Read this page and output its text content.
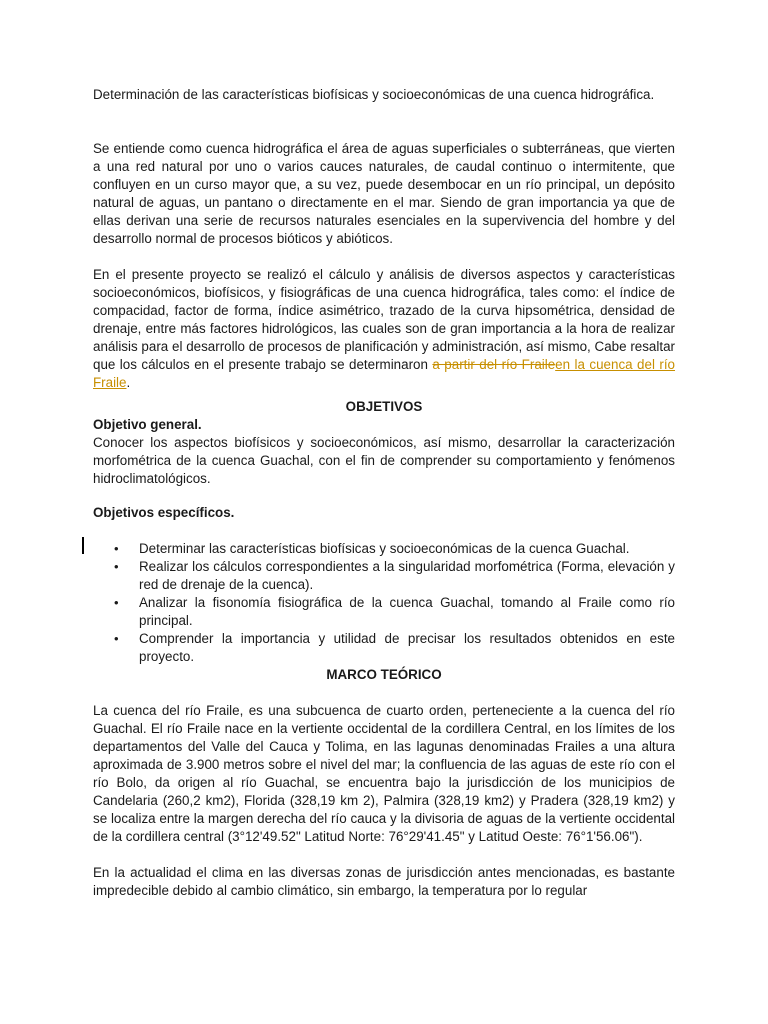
Determinación de las características biofísicas y socioeconómicas de una cuenca hidrográfica.

Se entiende como cuenca hidrográfica el área de aguas superficiales o subterráneas, que vierten a una red natural por uno o varios cauces naturales, de caudal continuo o intermitente, que confluyen en un curso mayor que, a su vez, puede desembocar en un río principal, un depósito natural de aguas, un pantano o directamente en el mar. Siendo de gran importancia ya que de ellas derivan una serie de recursos naturales esenciales en la supervivencia del hombre y del desarrollo normal de procesos bióticos y abióticos.

En el presente proyecto se realizó el cálculo y análisis de diversos aspectos y características socioeconómicos, biofísicos, y fisiográficas de una cuenca hidrográfica, tales como: el índice de compacidad, factor de forma, índice asimétrico, trazado de la curva hipsométrica, densidad de drenaje, entre más factores hidrológicos, las cuales son de gran importancia a la hora de realizar análisis para el desarrollo de procesos de planificación y administración, así mismo, Cabe resaltar que los cálculos en el presente trabajo se determinaron a partir del río Fraileen la cuenca del río Fraile.

OBJETIVOS

Objetivo general.

Conocer los aspectos biofísicos y socioeconómicos, así mismo, desarrollar la caracterización morfométrica de la cuenca Guachal, con el fin de comprender su comportamiento y fenómenos hidroclimatológicos.

Objetivos específicos.

• Determinar las características biofísicas y socioeconómicas de la cuenca Guachal.
• Realizar los cálculos correspondientes a la singularidad morfométrica (Forma, elevación y red de drenaje de la cuenca).
• Analizar la fisonomía fisiográfica de la cuenca Guachal, tomando al Fraile como río principal.
• Comprender la importancia y utilidad de precisar los resultados obtenidos en este proyecto.

MARCO TEÓRICO

La cuenca del río Fraile, es una subcuenca de cuarto orden, perteneciente a la cuenca del río Guachal. El río Fraile nace en la vertiente occidental de la cordillera Central, en los límites de los departamentos del Valle del Cauca y Tolima, en las lagunas denominadas Frailes a una altura aproximada de 3.900 metros sobre el nivel del mar; la confluencia de las aguas de este río con el río Bolo, da origen al río Guachal, se encuentra bajo la jurisdicción de los municipios de Candelaria (260,2 km2), Florida (328,19 km 2), Palmira (328,19 km2) y Pradera (328,19 km2) y se localiza entre la margen derecha del río cauca y la divisoria de aguas de la vertiente occidental de la cordillera central (3°12'49.52" Latitud Norte: 76°29'41.45" y Latitud Oeste: 76°1'56.06").

En la actualidad el clima en las diversas zonas de jurisdicción antes mencionadas, es bastante impredecible debido al cambio climático, sin embargo, la temperatura por lo regular
